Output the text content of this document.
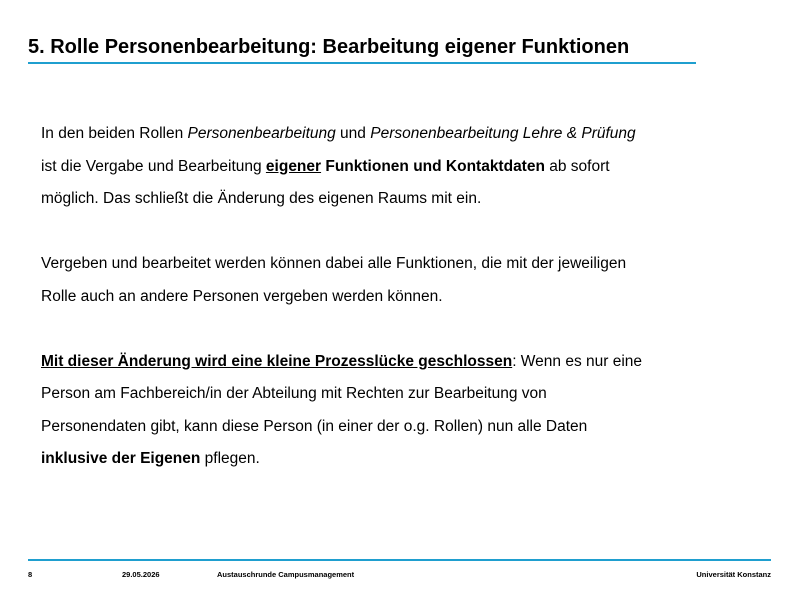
5. Rolle Personenbearbeitung: Bearbeitung eigener Funktionen
In den beiden Rollen Personenbearbeitung und Personenbearbeitung Lehre & Prüfung
ist die Vergabe und Bearbeitung eigener Funktionen und Kontaktdaten ab sofort
möglich. Das schließt die Änderung des eigenen Raums mit ein.
Vergeben und bearbeitet werden können dabei alle Funktionen, die mit der jeweiligen
Rolle auch an andere Personen vergeben werden können.
Mit dieser Änderung wird eine kleine Prozesslücke geschlossen: Wenn es nur eine
Person am Fachbereich/in der Abteilung mit Rechten zur Bearbeitung von
Personendaten gibt, kann diese Person (in einer der o.g. Rollen) nun alle Daten
inklusive der Eigenen pflegen.
8	29.05.2026	Austauschrunde Campusmanagement	Universität Konstanz
